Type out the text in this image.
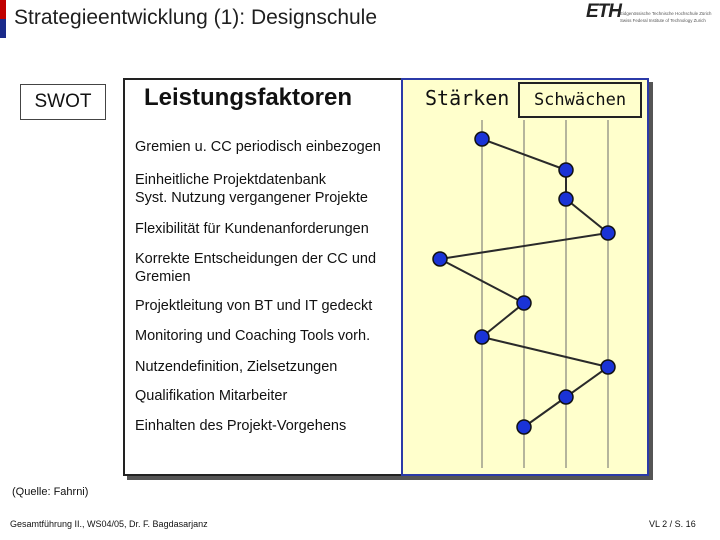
Strategieentwicklung (1): Designschule	ETH Eidgenössische Technische Hochschule Zürich
Swiss Federal Institute of Technology Zurich
SWOT Leistungsfaktoren	Stärken Schwächen
Gremien u. CC periodisch einbezogen
Einheitliche Projektdatenbank
Syst. Nutzung vergangener Projekte
Flexibilität für Kundenanforderungen
Korrekte Entscheidungen der CC und
Gremien
Projektleitung von BT und IT gedeckt
Monitoring und Coaching Tools vorh.
Nutzendefinition, Zielsetzungen
Qualifikation Mitarbeiter
Einhalten des Projekt-Vorgehens
(Quelle: Fahrni)
Gesamtführung II., WS04/05, Dr. F. Bagdasarjanz	VL 2 / S. 16
